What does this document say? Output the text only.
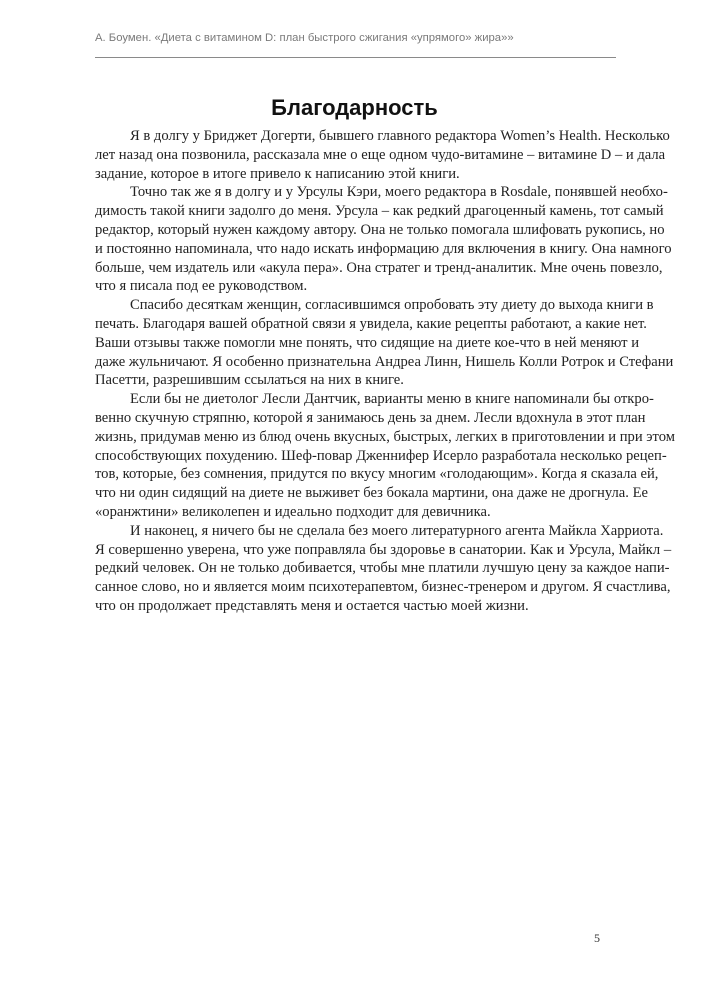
А. Боумен. «Диета с витамином D: план быстрого сжигания «упрямого» жира»»
Благодарность
Я в долгу у Бриджет Догерти, бывшего главного редактора Women’s Health. Несколько
лет назад она позвонила, рассказала мне о еще одном чудо-витамине – витамине D – и дала
задание, которое в итоге привело к написанию этой книги.
Точно так же я в долгу и у Урсулы Кэри, моего редактора в Rosdale, понявшей необхо-
димость такой книги задолго до меня. Урсула – как редкий драгоценный камень, тот самый
редактор, который нужен каждому автору. Она не только помогала шлифовать рукопись, но
и постоянно напоминала, что надо искать информацию для включения в книгу. Она намного
больше, чем издатель или «акула пера». Она стратег и тренд-аналитик. Мне очень повезло,
что я писала под ее руководством.
Спасибо десяткам женщин, согласившимся опробовать эту диету до выхода книги в
печать. Благодаря вашей обратной связи я увидела, какие рецепты работают, а какие нет.
Ваши отзывы также помогли мне понять, что сидящие на диете кое-что в ней меняют и
даже жульничают. Я особенно признательна Андреа Линн, Нишель Колли Ротрок и Стефани
Пасетти, разрешившим ссылаться на них в книге.
Если бы не диетолог Лесли Дантчик, варианты меню в книге напоминали бы откро-
венно скучную стряпню, которой я занимаюсь день за днем. Лесли вдохнула в этот план
жизнь, придумав меню из блюд очень вкусных, быстрых, легких в приготовлении и при этом
способствующих похудению. Шеф-повар Дженнифер Исерло разработала несколько рецеп-
тов, которые, без сомнения, придутся по вкусу многим «голодающим». Когда я сказала ей,
что ни один сидящий на диете не выживет без бокала мартини, она даже не дрогнула. Ее
«оранжтини» великолепен и идеально подходит для девичника.
И наконец, я ничего бы не сделала без моего литературного агента Майкла Харриота.
Я совершенно уверена, что уже поправляла бы здоровье в санатории. Как и Урсула, Майкл –
редкий человек. Он не только добивается, чтобы мне платили лучшую цену за каждое напи-
санное слово, но и является моим психотерапевтом, бизнес-тренером и другом. Я счастлива,
что он продолжает представлять меня и остается частью моей жизни.
5
